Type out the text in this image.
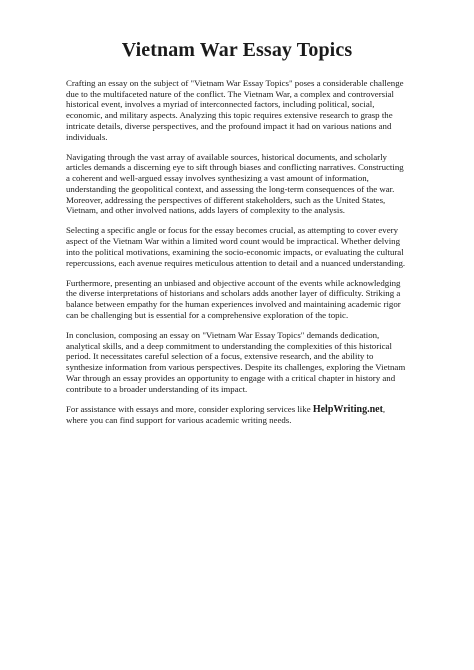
Vietnam War Essay Topics

Crafting an essay on the subject of "Vietnam War Essay Topics" poses a considerable challenge due to the multifaceted nature of the conflict. The Vietnam War, a complex and controversial historical event, involves a myriad of interconnected factors, including political, social, economic, and military aspects. Analyzing this topic requires extensive research to grasp the intricate details, diverse perspectives, and the profound impact it had on various nations and individuals.

Navigating through the vast array of available sources, historical documents, and scholarly articles demands a discerning eye to sift through biases and conflicting narratives. Constructing a coherent and well-argued essay involves synthesizing a vast amount of information, understanding the geopolitical context, and assessing the long-term consequences of the war. Moreover, addressing the perspectives of different stakeholders, such as the United States, Vietnam, and other involved nations, adds layers of complexity to the analysis.

Selecting a specific angle or focus for the essay becomes crucial, as attempting to cover every aspect of the Vietnam War within a limited word count would be impractical. Whether delving into the political motivations, examining the socio-economic impacts, or evaluating the cultural repercussions, each avenue requires meticulous attention to detail and a nuanced understanding.

Furthermore, presenting an unbiased and objective account of the events while acknowledging the diverse interpretations of historians and scholars adds another layer of difficulty. Striking a balance between empathy for the human experiences involved and maintaining academic rigor can be challenging but is essential for a comprehensive exploration of the topic.

In conclusion, composing an essay on "Vietnam War Essay Topics" demands dedication, analytical skills, and a deep commitment to understanding the complexities of this historical period. It necessitates careful selection of a focus, extensive research, and the ability to synthesize information from various perspectives. Despite its challenges, exploring the Vietnam War through an essay provides an opportunity to engage with a critical chapter in history and contribute to a broader understanding of its impact.

For assistance with essays and more, consider exploring services like HelpWriting.net, where you can find support for various academic writing needs.
